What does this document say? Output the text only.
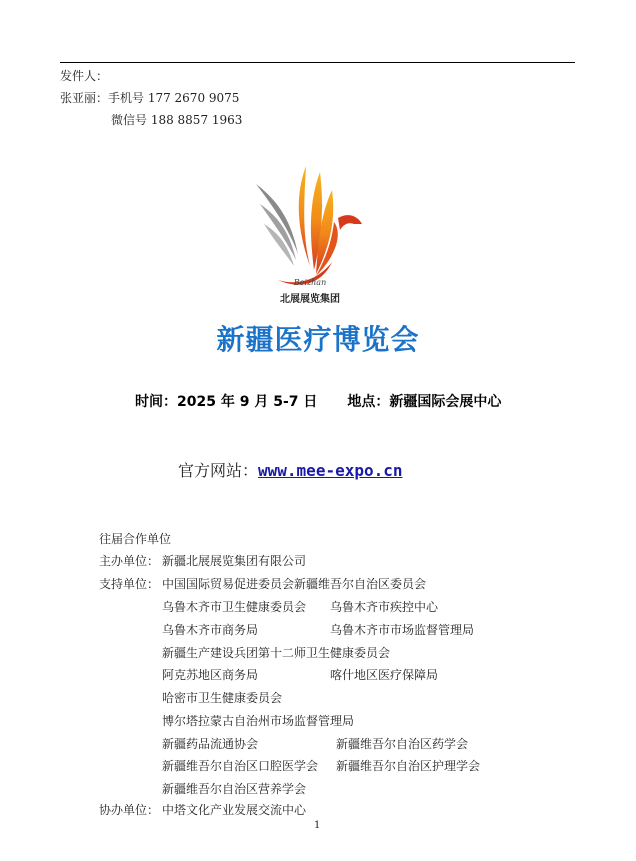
发件人：
张亚丽：手机号 177 2670 9075
微信号 188 8857 1963
Beizhan
北展展览集团
新疆医疗博览会
时间：2025 年 9 月 5-7 日 地点：新疆国际会展中心
官方网站：www.mee-expo.cn
往届合作单位
主办单位： 新疆北展展览集团有限公司
支持单位： 中国国际贸易促进委员会新疆维吾尔自治区委员会
乌鲁木齐市卫生健康委员会 乌鲁木齐市疾控中心
乌鲁木齐市商务局	乌鲁木齐市市场监督管理局
新疆生产建设兵团第十二师卫生健康委员会
阿克苏地区商务局	喀什地区医疗保障局
哈密市卫生健康委员会
博尔塔拉蒙古自治州市场监督管理局
新疆药品流通协会	新疆维吾尔自治区药学会
新疆维吾尔自治区口腔医学会 新疆维吾尔自治区护理学会
新疆维吾尔自治区营养学会
协办单位： 中塔文化产业发展交流中心
1
